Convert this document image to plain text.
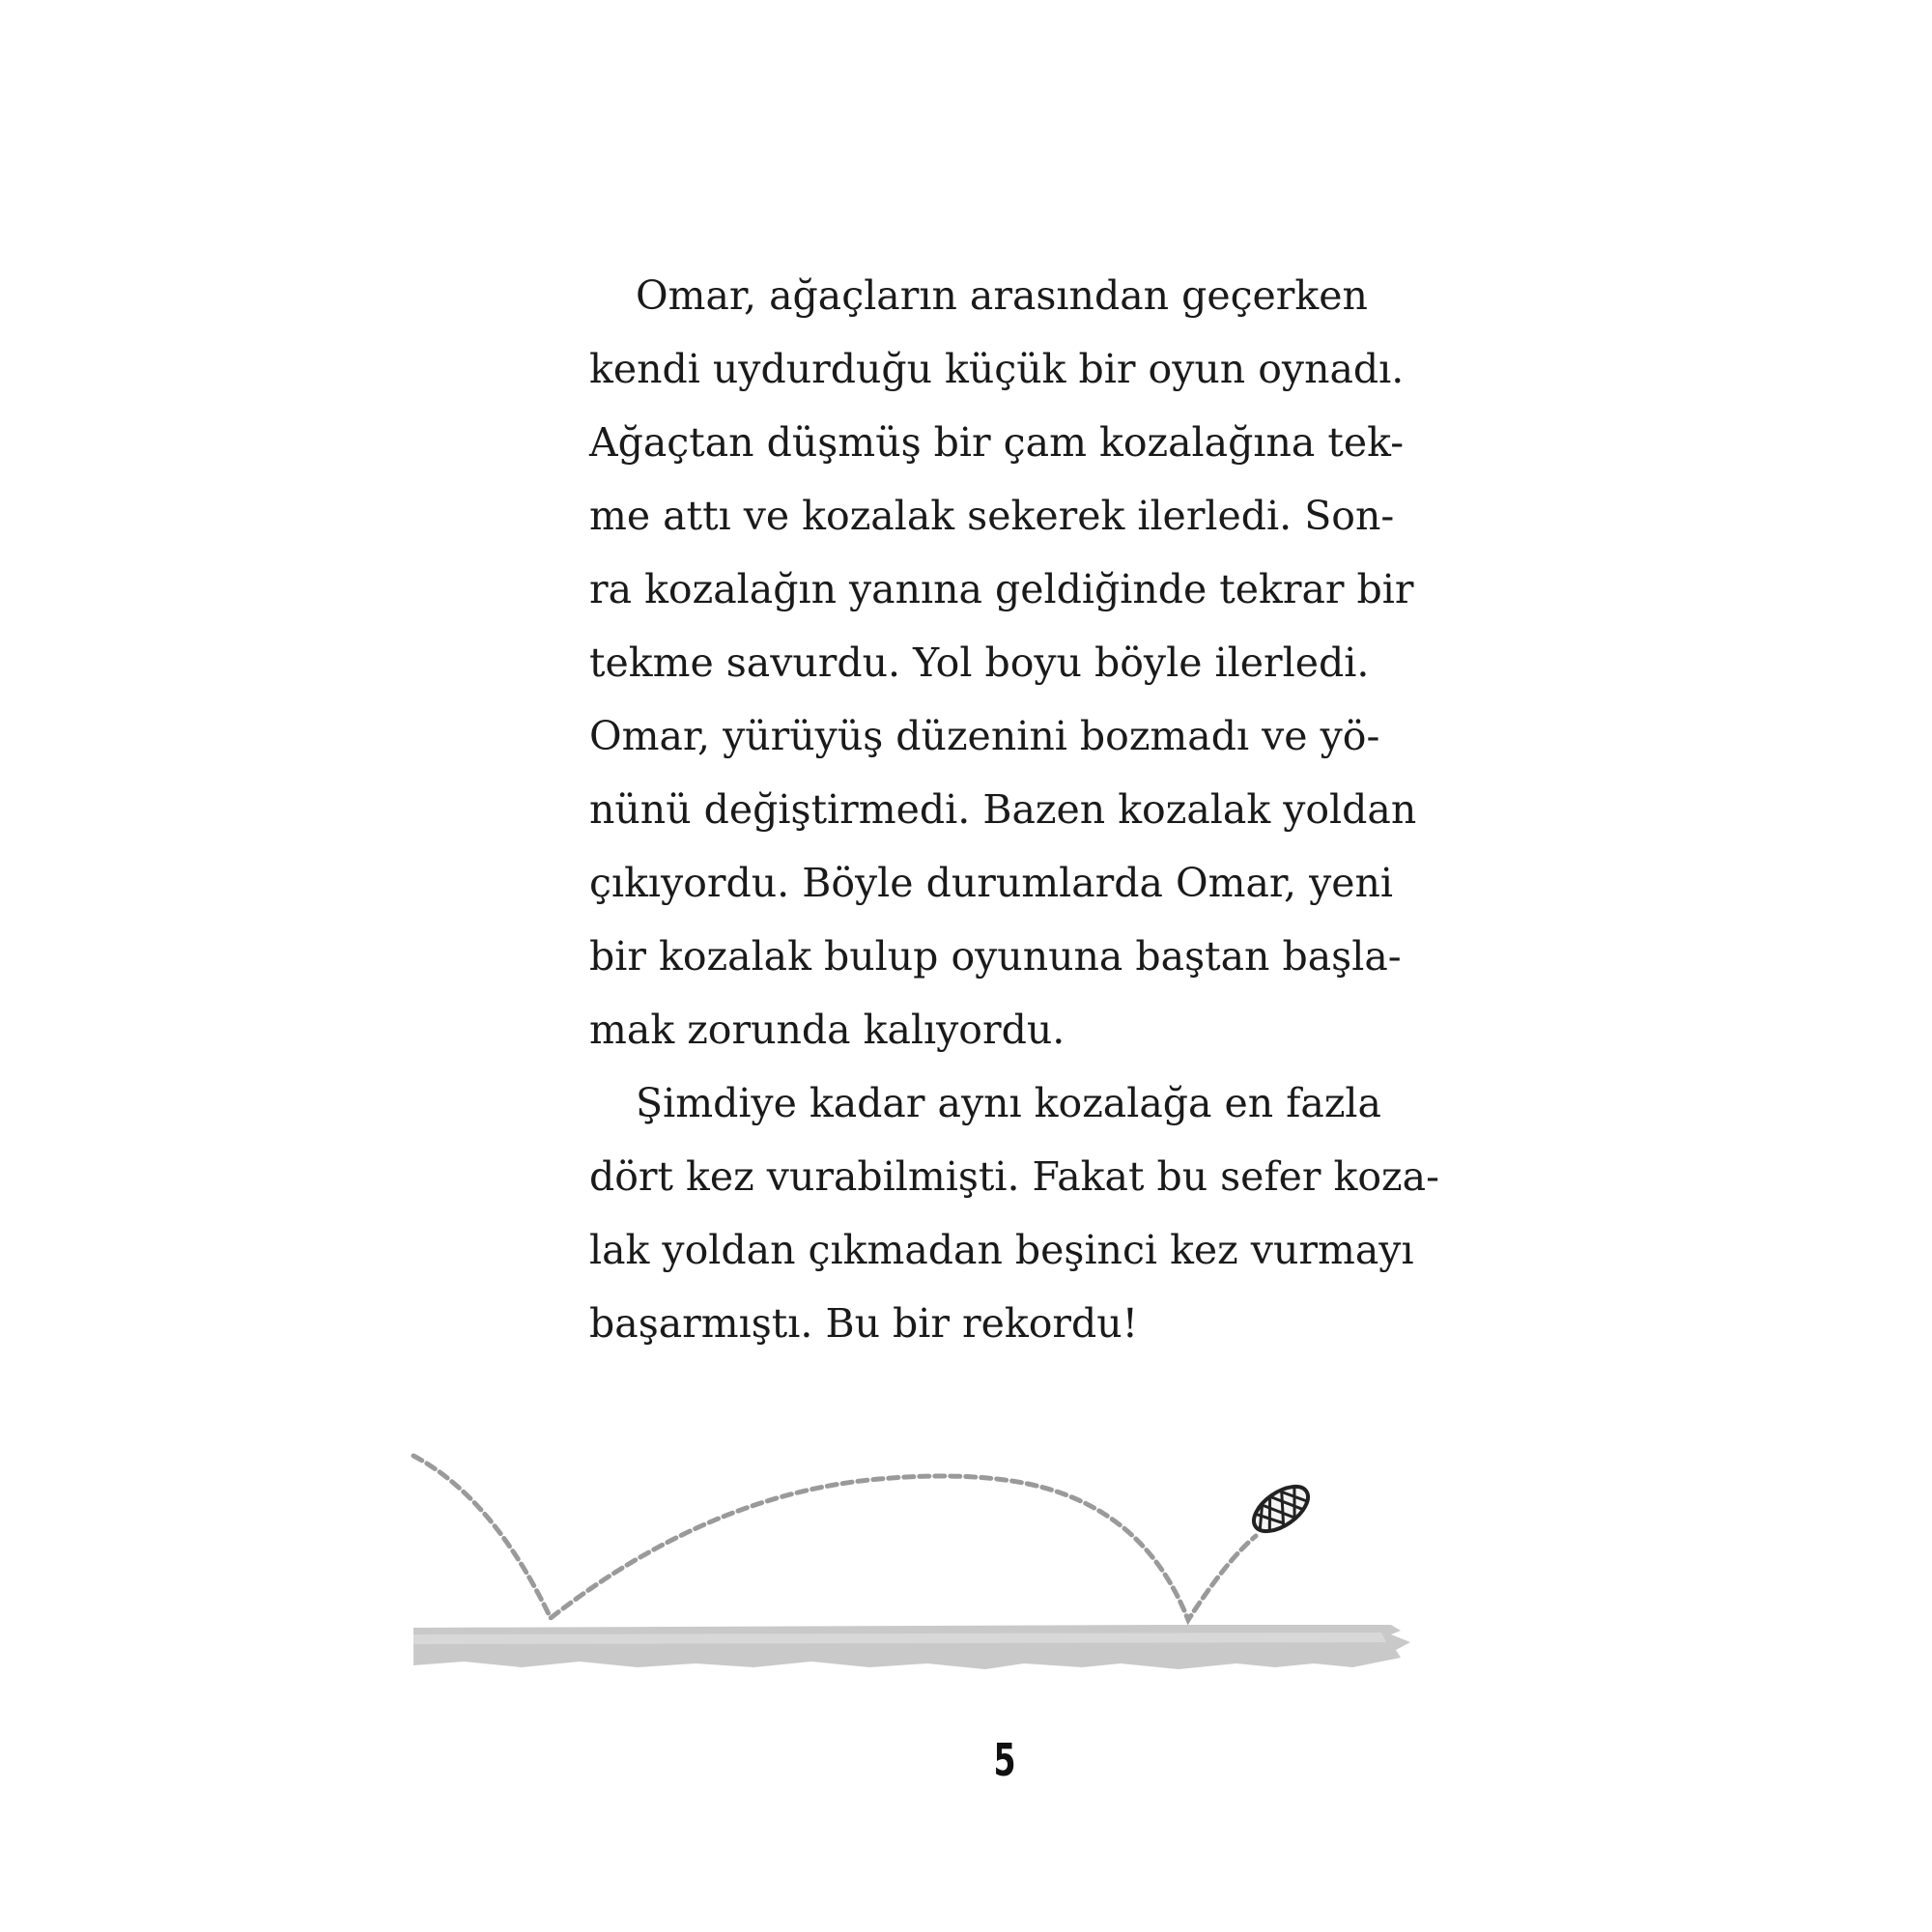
Omar, ağaçların arasından geçerken
kendi uydurduğu küçük bir oyun oynadı.
Ağaçtan düşmüş bir çam kozalağına tek-
me attı ve kozalak sekerek ilerledi. Son-
ra kozalağın yanına geldiğinde tekrar bir
tekme savurdu. Yol boyu böyle ilerledi.
Omar, yürüyüş düzenini bozmadı ve yö-
nünü değiştirmedi. Bazen kozalak yoldan
çıkıyordu. Böyle durumlarda Omar, yeni
bir kozalak bulup oyununa baştan başla-
mak zorunda kalıyordu.
Şimdiye kadar aynı kozalağa en fazla
dört kez vurabilmişti. Fakat bu sefer koza-
lak yoldan çıkmadan beşinci kez vurmayı
başarmıştı. Bu bir rekordu!
5
